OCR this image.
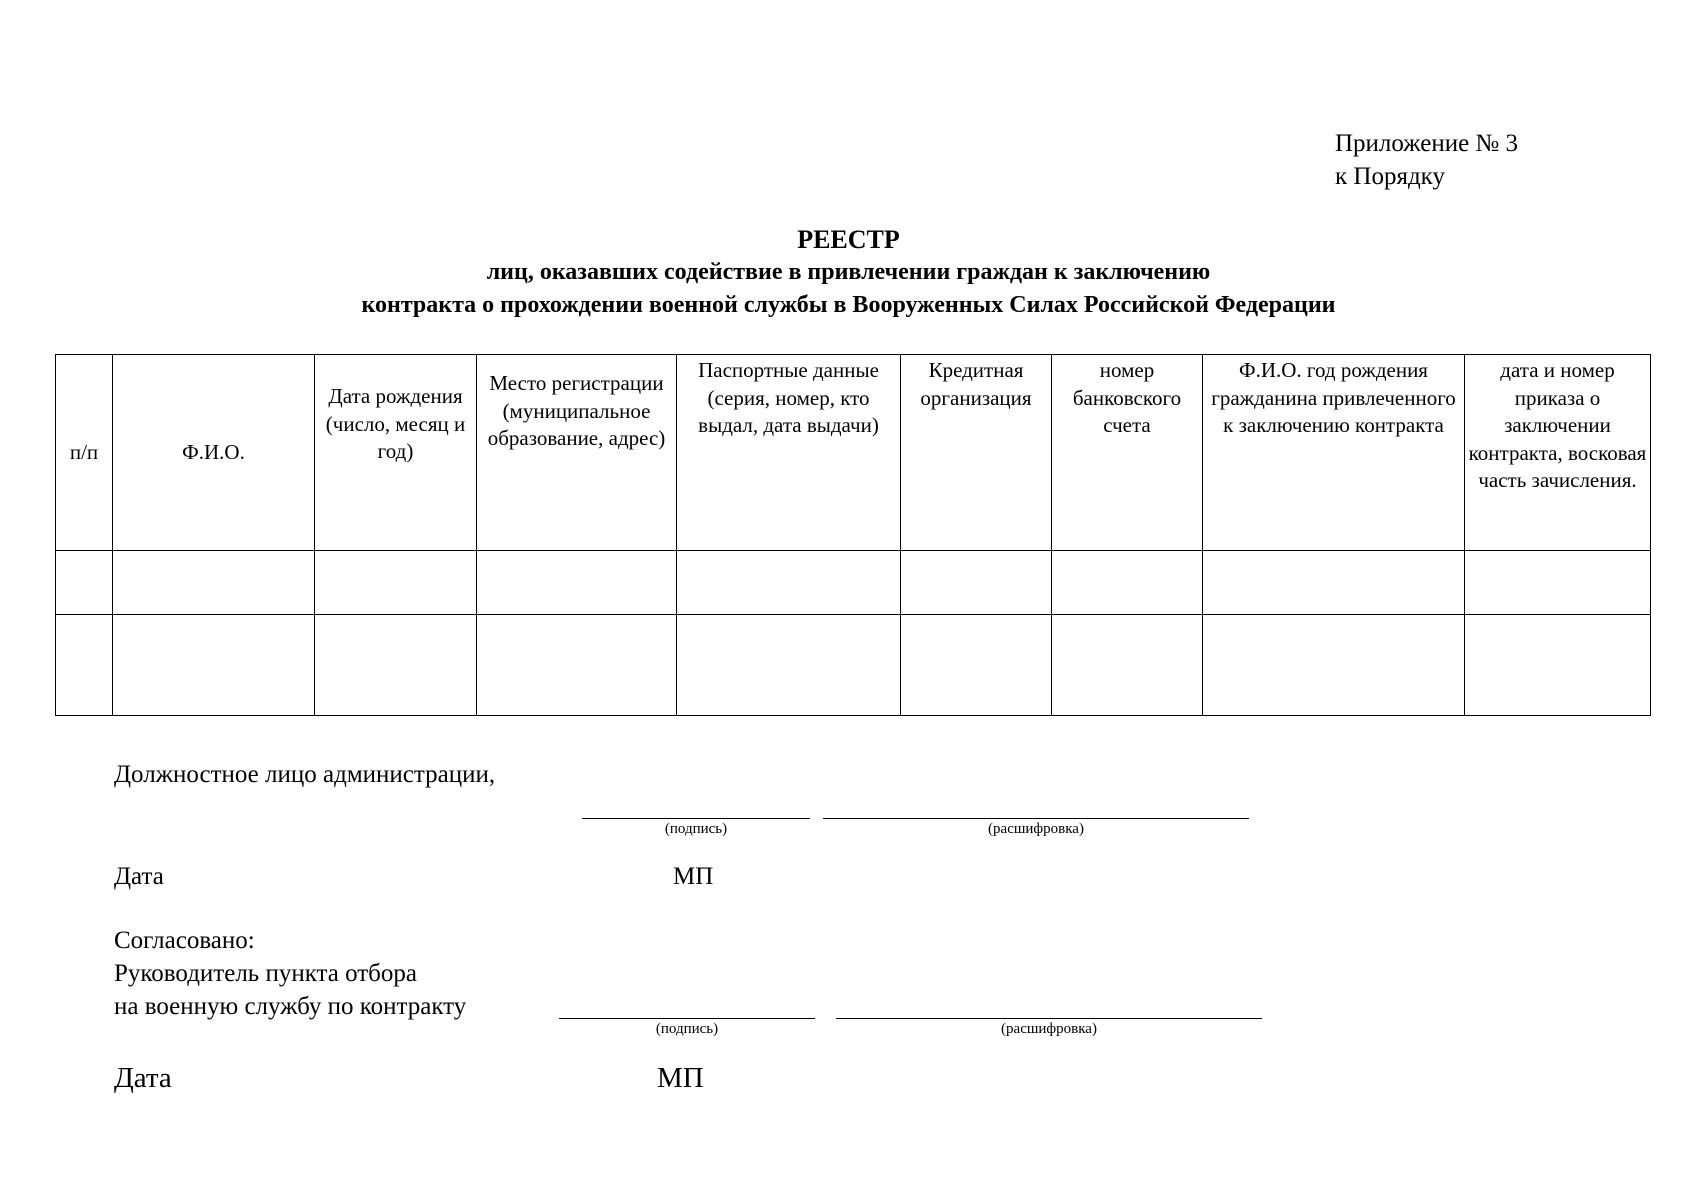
Приложение № 3
к Порядку
РЕЕСТР
лиц, оказавших содействие в привлечении граждан к заключению
контракта о прохождении военной службы в Вооруженных Силах Российской Федерации
п/п	Ф.И.О.	Дата рождения (число, месяц и год)	Место регистрации (муниципальное образование, адрес)	Паспортные данные (серия, номер, кто выдал, дата выдачи)	Кредитная организация	номер банковского счета	Ф.И.О. год рождения гражданина привлеченного к заключению контракта	дата и номер приказа о заключении контракта, восковая часть зачисления.

Должностное лицо администрации,
(подпись)	(расшифровка)
Дата	МП
Согласовано:
Руководитель пункта отбора
на военную службу по контракту
(подпись)	(расшифровка)
Дата	МП
